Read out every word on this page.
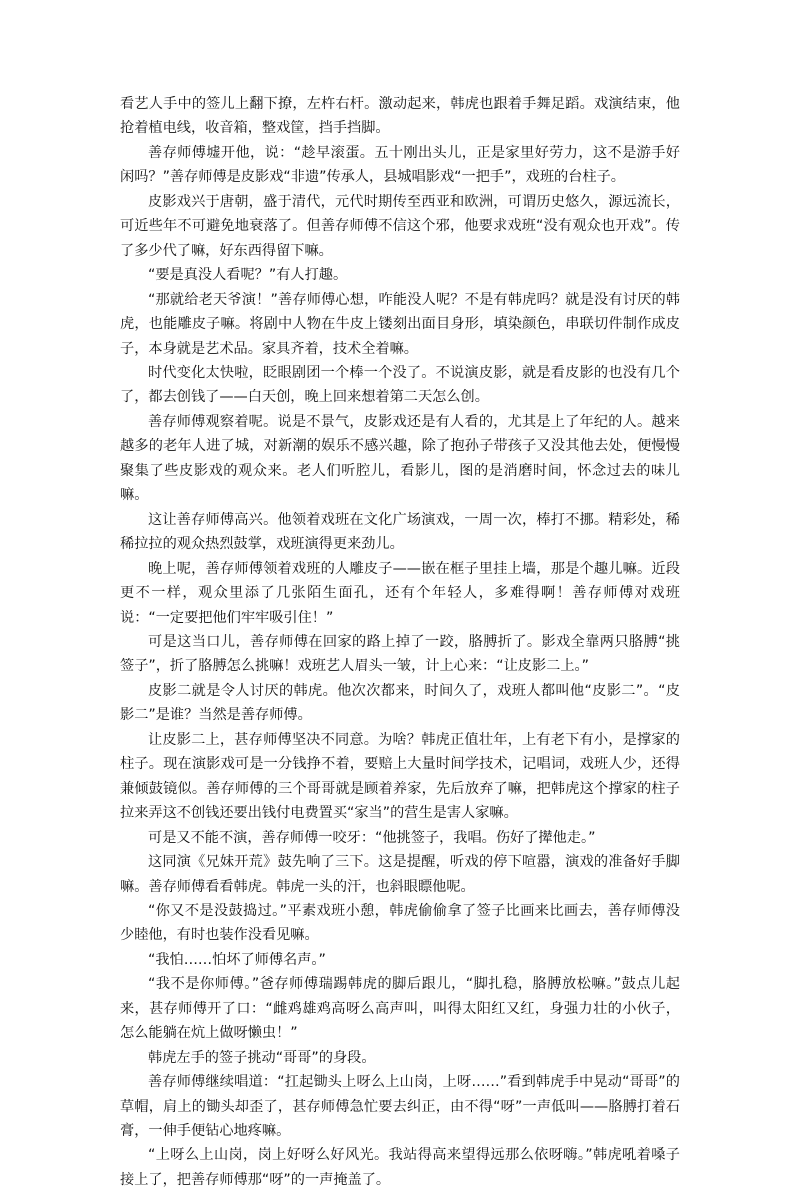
看艺人手中的签儿上翻下撩，左杵右杆。激动起来，韩虎也跟着手舞足蹈。戏演结束，他抢着植电线，收音箱，整戏筐，挡手挡脚。

善存师傅墟开他，说：“趁早滚蛋。五十刚出头儿，正是家里好劳力，这不是游手好闲吗？”善存师傅是皮影戏“非遗”传承人，县城唱影戏“一把手”，戏班的台柱子。

皮影戏兴于唐朝，盛于清代，元代时期传至西亚和欧洲，可谓历史悠久，源远流长，可近些年不可避免地衰落了。但善存师傅不信这个邪，他要求戏班“没有观众也开戏”。传了多少代了嘛，好东西得留下嘛。

“要是真没人看呢？”有人打趣。

“那就给老天爷演！”善存师傅心想，咋能没人呢？不是有韩虎吗？就是没有讨厌的韩虎，也能雕皮子嘛。将剧中人物在牛皮上镂刻出面目身形，填染颜色，串联切件制作成皮子，本身就是艺术品。家具齐着，技术全着嘛。

时代变化太快啦，眨眼剧团一个棒一个没了。不说演皮影，就是看皮影的也没有几个了，都去创钱了——白天创，晚上回来想着第二天怎么创。

善存师傅观察着呢。说是不景气，皮影戏还是有人看的，尤其是上了年纪的人。越来越多的老年人进了城，对新潮的娱乐不感兴趣，除了抱孙子带孩子又没其他去处，便慢慢聚集了些皮影戏的观众来。老人们听腔儿，看影儿，图的是消磨时间，怀念过去的味儿嘛。

这让善存师傅高兴。他领着戏班在文化广场演戏，一周一次，棒打不挪。精彩处，稀稀拉拉的观众热烈鼓掌，戏班演得更来劲儿。

晚上呢，善存师傅领着戏班的人雕皮子——嵌在框子里挂上墙，那是个趣儿嘛。近段更不一样，观众里添了几张陌生面孔，还有个年轻人，多难得啊！善存师傅对戏班说：“一定要把他们牢牢吸引住！”

可是这当口儿，善存师傅在回家的路上掉了一跤，胳膊折了。影戏全靠两只胳膊“挑签子”，折了胳膊怎么挑嘛！戏班艺人眉头一皱，计上心来：“让皮影二上。”

皮影二就是令人讨厌的韩虎。他次次都来，时间久了，戏班人都叫他“皮影二”。“皮影二”是谁？当然是善存师傅。

让皮影二上，甚存师傅坚决不同意。为啥？韩虎正值壮年，上有老下有小，是撑家的柱子。现在演影戏可是一分钱挣不着，要赔上大量时间学技术，记唱词，戏班人少，还得兼倾鼓镜似。善存师傅的三个哥哥就是顾着养家，先后放弃了嘛，把韩虎这个撑家的柱子拉来弄这不创钱还要出钱付电费置买“家当”的营生是害人家嘛。

可是又不能不演，善存师傅一咬牙：“他挑签子，我唱。伤好了撵他走。”

这同演《兄妹开荒》鼓先响了三下。这是提醒，听戏的停下喧嚣，演戏的准备好手脚嘛。善存师傅看看韩虎。韩虎一头的汗，也斜眼瞟他呢。

“你又不是没鼓捣过。”平素戏班小憩，韩虎偷偷拿了签子比画来比画去，善存师傅没少睦他，有时也装作没看见嘛。

“我怕……怕坏了师傅名声。”

“我不是你师傅。”爸存师傅瑞踢韩虎的脚后跟儿，“脚扎稳，胳膊放松嘛。”鼓点儿起来，甚存师傅开了口：“雌鸡雄鸡高呀么高声叫，叫得太阳红又红，身强力壮的小伙子，怎么能躺在炕上做呀懒虫！”

韩虎左手的签子挑动“哥哥”的身段。

善存师傅继续唱道：“扛起锄头上呀么上山岗，上呀……”看到韩虎手中晃动“哥哥”的草帽，肩上的锄头却歪了，甚存师傅急忙要去纠正，由不得“呀”一声低叫——胳膊打着石膏，一伸手便钻心地疼嘛。

“上呀么上山岗，岗上好呀么好风光。我站得高来望得远那么依呀嗨。”韩虎吼着嗓子接上了，把善存师傅那“呀”的一声掩盖了。
